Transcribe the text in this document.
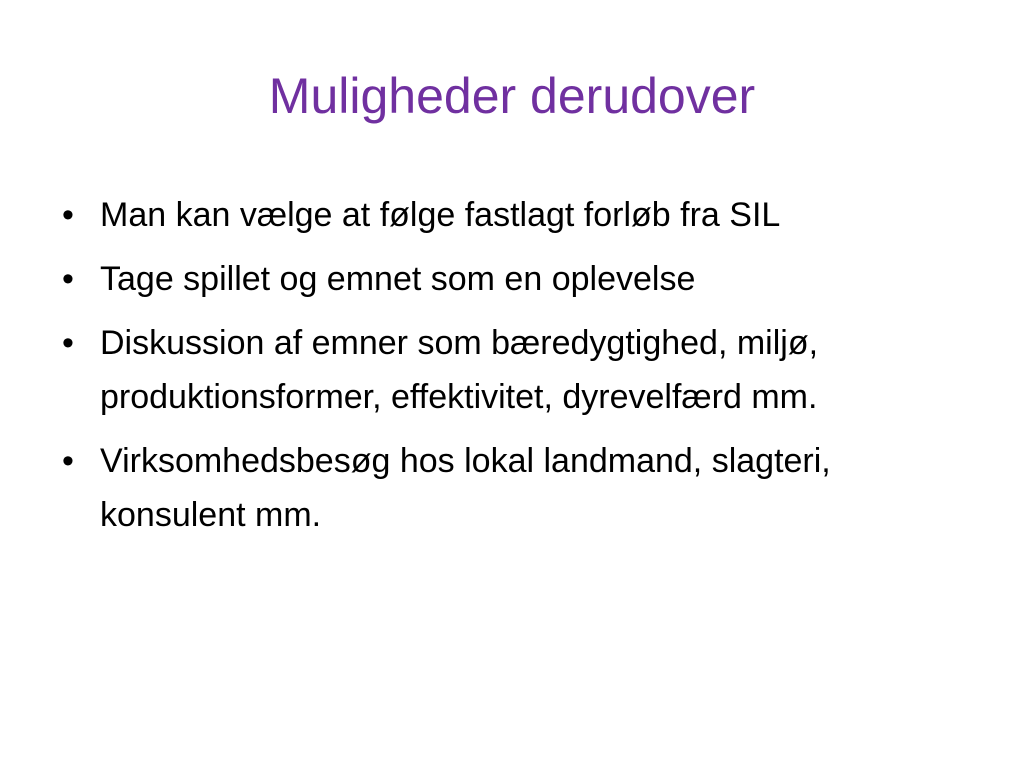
Muligheder derudover
• Man kan vælge at følge fastlagt forløb fra SIL
• Tage spillet og emnet som en oplevelse
• Diskussion af emner som bæredygtighed, miljø, produktionsformer, effektivitet, dyrevelfærd mm.
• Virksomhedsbesøg hos lokal landmand, slagteri, konsulent mm.
